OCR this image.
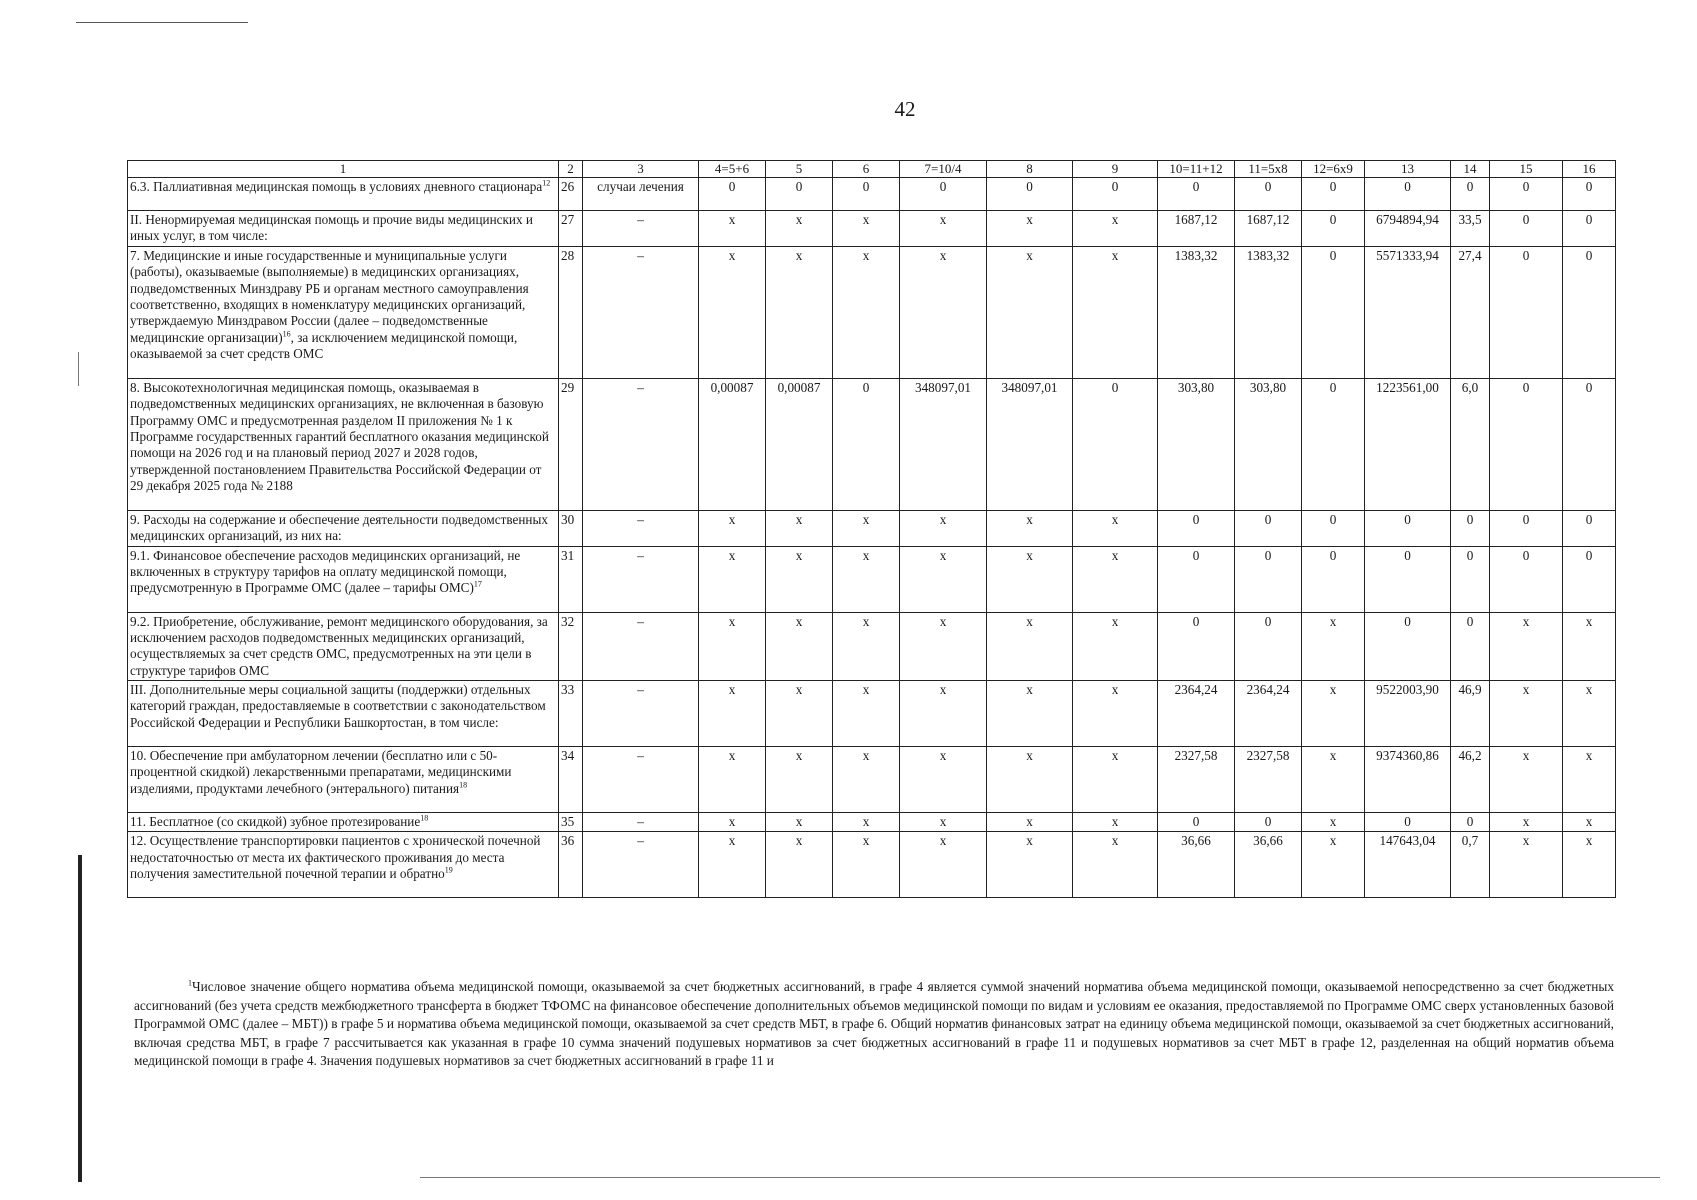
42
1	2	3	4=5+6	5	6	7=10/4	8	9	10=11+12	11=5x8	12=6x9	13	14	15	16
6.3. Паллиативная медицинская помощь в условиях дневного стационара$^{12}$	26	случаи лечения	0	0	0	0	0	0	0	0	0	0	0	0	0
II. Ненормируемая медицинская помощь и прочие виды медицинских и иных услуг, в том числе:	27	–	x	x	x	x	x	x	1687,12	1687,12	0	6794894,94	33,5	0	0
7. Медицинские и иные государственные и муниципальные услуги (работы), оказываемые (выполняемые) в медицинских организациях, подведомственных Минздраву РБ и органам местного самоуправления соответственно, входящих в номенклатуру медицинских организаций, утверждаемую Минздравом России (далее – подведомственные медицинские организации)$^{16}$, за исключением медицинской помощи, оказываемой за счет средств ОМС	28	–	x	x	x	x	x	x	1383,32	1383,32	0	5571333,94	27,4	0	0
8. Высокотехнологичная медицинская помощь, оказываемая в подведомственных медицинских организациях, не включенная в базовую Программу ОМС и предусмотренная разделом II приложения № 1 к Программе государственных гарантий бесплатного оказания медицинской помощи на 2026 год и на плановый период 2027 и 2028 годов, утвержденной постановлением Правительства Российской Федерации от 29 декабря 2025 года № 2188	29	–	0,00087	0,00087	0	348097,01	348097,01	0	303,80	303,80	0	1223561,00	6,0	0	0
9. Расходы на содержание и обеспечение деятельности подведомственных медицинских организаций, из них на:	30	–	x	x	x	x	x	x	0	0	0	0	0	0	0
9.1. Финансовое обеспечение расходов медицинских организаций, не включенных в структуру тарифов на оплату медицинской помощи, предусмотренную в Программе ОМС (далее – тарифы ОМС)$^{17}$	31	–	x	x	x	x	x	x	0	0	0	0	0	0	0
9.2. Приобретение, обслуживание, ремонт медицинского оборудования, за исключением расходов подведомственных медицинских организаций, осуществляемых за счет средств ОМС, предусмотренных на эти цели в структуре тарифов ОМС	32	–	x	x	x	x	x	x	0	0	x	0	0	x	x
III. Дополнительные меры социальной защиты (поддержки) отдельных категорий граждан, предоставляемые в соответствии с законодательством Российской Федерации и Республики Башкортостан, в том числе:	33	–	x	x	x	x	x	x	2364,24	2364,24	x	9522003,90	46,9	x	x
10. Обеспечение при амбулаторном лечении (бесплатно или с 50-процентной скидкой) лекарственными препаратами, медицинскими изделиями, продуктами лечебного (энтерального) питания$^{18}$	34	–	x	x	x	x	x	x	2327,58	2327,58	x	9374360,86	46,2	x	x
11. Бесплатное (со скидкой) зубное протезирование$^{18}$	35	–	x	x	x	x	x	x	0	0	x	0	0	x	x
12. Осуществление транспортировки пациентов с хронической почечной недостаточностью от места их фактического проживания до места получения заместительной почечной терапии и обратно$^{19}$	36	–	x	x	x	x	x	x	36,66	36,66	x	147643,04	0,7	x	x
$^1$Числовое значение общего норматива объема медицинской помощи, оказываемой за счет бюджетных ассигнований, в графе 4 является суммой значений норматива объема медицинской помощи, оказываемой непосредственно за счет бюджетных ассигнований (без учета средств межбюджетного трансферта в бюджет ТФОМС на финансовое обеспечение дополнительных объемов медицинской помощи по видам и условиям ее оказания, предоставляемой по Программе ОМС сверх установленных базовой Программой ОМС (далее – МБТ)) в графе 5 и норматива объема медицинской помощи, оказываемой за счет средств МБТ, в графе 6. Общий норматив финансовых затрат на единицу объема медицинской помощи, оказываемой за счет бюджетных ассигнований, включая средства МБТ, в графе 7 рассчитывается как указанная в графе 10 сумма значений подушевых нормативов за счет бюджетных ассигнований в графе 11 и подушевых нормативов за счет МБТ в графе 12, разделенная на общий норматив объема медицинской помощи в графе 4. Значения подушевых нормативов за счет бюджетных ассигнований в графе 11 и
